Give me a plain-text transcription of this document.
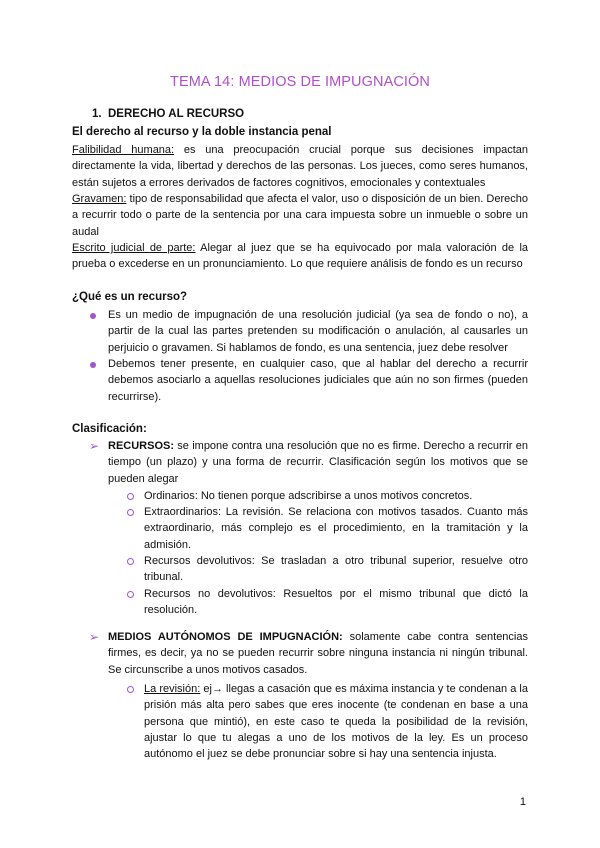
TEMA 14: MEDIOS DE IMPUGNACIÓN
1. DERECHO AL RECURSO
El derecho al recurso y la doble instancia penal
Falibilidad humana: es una preocupación crucial porque sus decisiones impactan directamente la vida, libertad y derechos de las personas. Los jueces, como seres humanos, están sujetos a errores derivados de factores cognitivos, emocionales y contextuales
Gravamen: tipo de responsabilidad que afecta el valor, uso o disposición de un bien. Derecho a recurrir todo o parte de la sentencia por una cara impuesta sobre un inmueble o sobre un audal
Escrito judicial de parte: Alegar al juez que se ha equivocado por mala valoración de la prueba o excederse en un pronunciamiento. Lo que requiere análisis de fondo es un recurso
¿Qué es un recurso?
Es un medio de impugnación de una resolución judicial (ya sea de fondo o no), a partir de la cual las partes pretenden su modificación o anulación, al causarles un perjuicio o gravamen. Si hablamos de fondo, es una sentencia, juez debe resolver
Debemos tener presente, en cualquier caso, que al hablar del derecho a recurrir debemos asociarlo a aquellas resoluciones judiciales que aún no son firmes (pueden recurrirse).
Clasificación:
➢ RECURSOS: se impone contra una resolución que no es firme. Derecho a recurrir en tiempo (un plazo) y una forma de recurrir. Clasificación según los motivos que se pueden alegar
Ordinarios: No tienen porque adscribirse a unos motivos concretos.
Extraordinarios: La revisión. Se relaciona con motivos tasados. Cuanto más extraordinario, más complejo es el procedimiento, en la tramitación y la admisión.
Recursos devolutivos: Se trasladan a otro tribunal superior, resuelve otro tribunal.
Recursos no devolutivos: Resueltos por el mismo tribunal que dictó la resolución.
➢ MEDIOS AUTÓNOMOS DE IMPUGNACIÓN: solamente cabe contra sentencias firmes, es decir, ya no se pueden recurrir sobre ninguna instancia ni ningún tribunal. Se circunscribe a unos motivos casados.
La revisión: ej→ llegas a casación que es máxima instancia y te condenan a la prisión más alta pero sabes que eres inocente (te condenan en base a una persona que mintió), en este caso te queda la posibilidad de la revisión, ajustar lo que tu alegas a uno de los motivos de la ley. Es un proceso autónomo el juez se debe pronunciar sobre si hay una sentencia injusta.
1
